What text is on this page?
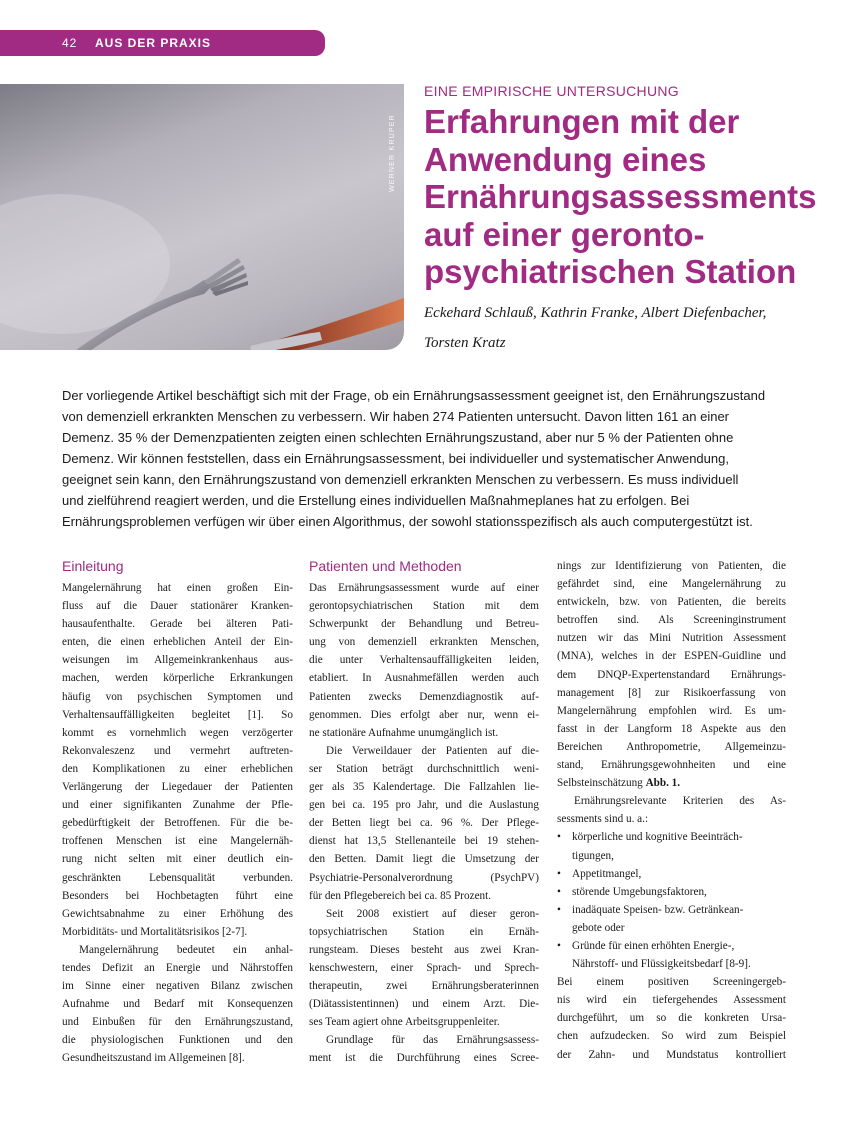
42 AUS DER PRAXIS
WERNER KRÜPER
EINE EMPIRISCHE UNTERSUCHUNG
Erfahrungen mit der
Anwendung eines
Ernährungsassessments
auf einer geronto-
psychiatrischen Station
Eckehard Schlauß, Kathrin Franke, Albert Diefenbacher,
Torsten Kratz
Der vorliegende Artikel beschäftigt sich mit der Frage, ob ein Ernährungsassessment geeignet ist, den Ernährungszustand
von demenziell erkrankten Menschen zu verbessern. Wir haben 274 Patienten untersucht. Davon litten 161 an einer
Demenz. 35 % der Demenzpatienten zeigten einen schlechten Ernährungszustand, aber nur 5 % der Patienten ohne
Demenz. Wir können feststellen, dass ein Ernährungsassessment, bei individueller und systematischer Anwendung,
geeignet sein kann, den Ernährungszustand von demenziell erkrankten Menschen zu verbessern. Es muss individuell
und zielführend reagiert werden, und die Erstellung eines individuellen Maßnahmeplanes hat zu erfolgen. Bei
Ernährungsproblemen verfügen wir über einen Algorithmus, der sowohl stationsspezifisch als auch computergestützt ist.
Einleitung
Mangelernährung hat einen großen Ein-
fluss auf die Dauer stationärer Kranken-
hausaufenthalte. Gerade bei älteren Pati-
enten, die einen erheblichen Anteil der Ein-
weisungen im Allgemeinkrankenhaus aus-
machen, werden körperliche Erkrankungen
häufig von psychischen Symptomen und
Verhaltensauffälligkeiten begleitet [1]. So
kommt es vornehmlich wegen verzögerter
Rekonvaleszenz und vermehrt auftreten-
den Komplikationen zu einer erheblichen
Verlängerung der Liegedauer der Patienten
und einer signifikanten Zunahme der Pfle-
gebedürftigkeit der Betroffenen. Für die be-
troffenen Menschen ist eine Mangelernäh-
rung nicht selten mit einer deutlich ein-
geschränkten Lebensqualität verbunden.
Besonders bei Hochbetagten führt eine
Gewichtsabnahme zu einer Erhöhung des
Morbiditäts- und Mortalitätsrisikos [2-7].
Mangelernährung bedeutet ein anhal-
tendes Defizit an Energie und Nährstoffen
im Sinne einer negativen Bilanz zwischen
Aufnahme und Bedarf mit Konsequenzen
und Einbußen für den Ernährungszustand,
die physiologischen Funktionen und den
Gesundheitszustand im Allgemeinen [8].
Patienten und Methoden
Das Ernährungsassessment wurde auf einer
gerontopsychiatrischen Station mit dem
Schwerpunkt der Behandlung und Betreu-
ung von demenziell erkrankten Menschen,
die unter Verhaltensauffälligkeiten leiden,
etabliert. In Ausnahmefällen werden auch
Patienten zwecks Demenzdiagnostik auf-
genommen. Dies erfolgt aber nur, wenn ei-
ne stationäre Aufnahme unumgänglich ist.
Die Verweildauer der Patienten auf die-
ser Station beträgt durchschnittlich weni-
ger als 35 Kalendertage. Die Fallzahlen lie-
gen bei ca. 195 pro Jahr, und die Auslastung
der Betten liegt bei ca. 96 %. Der Pflege-
dienst hat 13,5 Stellenanteile bei 19 stehen-
den Betten. Damit liegt die Umsetzung der
Psychiatrie-Personalverordnung (PsychPV)
für den Pflegebereich bei ca. 85 Prozent.
Seit 2008 existiert auf dieser geron-
topsychiatrischen Station ein Ernäh-
rungsteam. Dieses besteht aus zwei Kran-
kenschwestern, einer Sprach- und Sprech-
therapeutin, zwei Ernährungsberaterinnen
(Diätassistentinnen) und einem Arzt. Die-
ses Team agiert ohne Arbeitsgruppenleiter.
Grundlage für das Ernährungsassess-
ment ist die Durchführung eines Scree-
nings zur Identifizierung von Patienten, die
gefährdet sind, eine Mangelernährung zu
entwickeln, bzw. von Patienten, die bereits
betroffen sind. Als Screeninginstrument
nutzen wir das Mini Nutrition Assessment
(MNA), welches in der ESPEN-Guidline und
dem DNQP-Expertenstandard Ernährungs-
management [8] zur Risikoerfassung von
Mangelernährung empfohlen wird. Es um-
fasst in der Langform 18 Aspekte aus den
Bereichen Anthropometrie, Allgemeinzu-
stand, Ernährungsgewohnheiten und eine
Selbsteinschätzung Abb. 1.
Ernährungsrelevante Kriterien des As-
sessments sind u. a.:
• körperliche und kognitive Beeinträch-
tigungen,
• Appetitmangel,
• störende Umgebungsfaktoren,
• inadäquate Speisen- bzw. Getränkean-
gebote oder
• Gründe für einen erhöhten Energie-,
Nährstoff- und Flüssigkeitsbedarf [8-9].
Bei einem positiven Screeningergeb-
nis wird ein tiefergehendes Assessment
durchgeführt, um so die konkreten Ursa-
chen aufzudecken. So wird zum Beispiel
der Zahn- und Mundstatus kontrolliert
